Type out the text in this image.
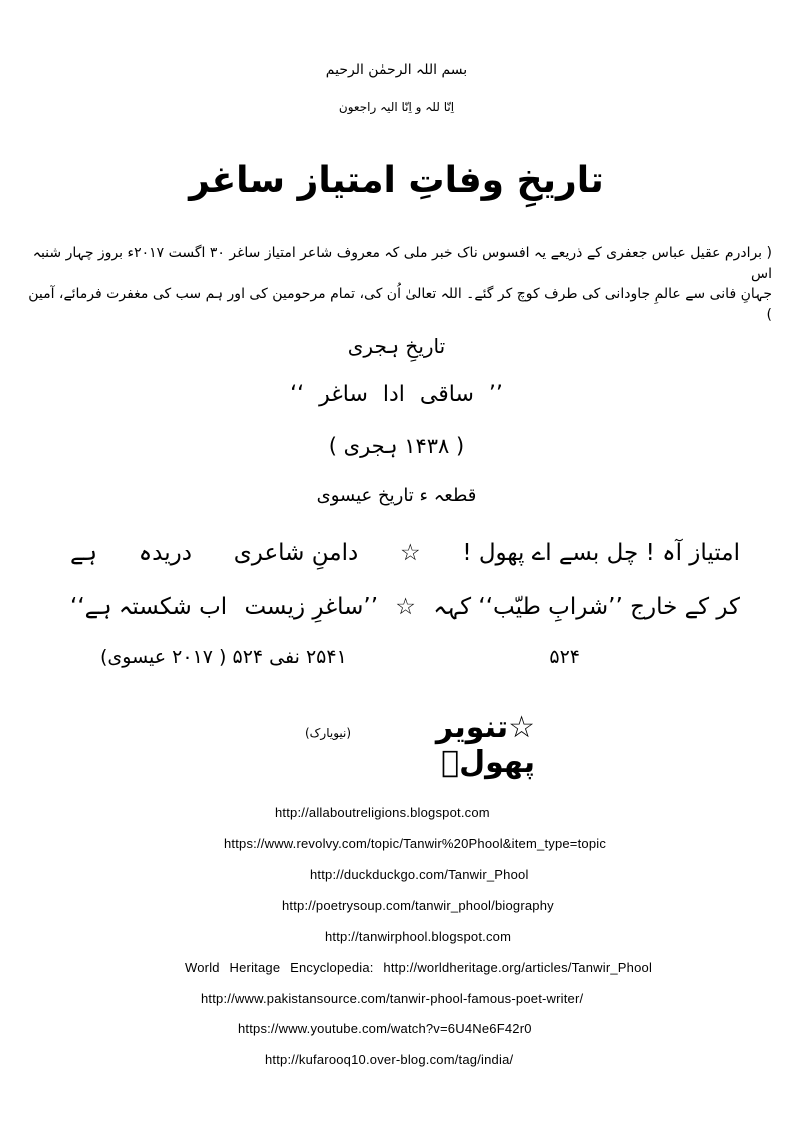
بسم اللہ الرحمٰن الرحیم
اِنّا للہ و اِنّا الیہ راجعون
تاریخِ وفاتِ امتیاز ساغر
( برادرم عقیل عباس جعفری کے ذریعے یہ افسوس ناک خبر ملی کہ معروف شاعر امتیاز ساغر ۳۰ اگست ۲۰۱۷ء بروز چہار شنبہ اس
جہانِ فانی سے عالمِ جاودانی کی طرف کوچ کر گئے۔ اللہ تعالیٰ اُن کی، تمام مرحومین کی اور ہم سب کی مغفرت فرمائے، آمین )
تاریخِ ہجری
’’ ساقی ادا ساغر ‘‘
( ۱۴۳۸ ہجری )
قطعہ ء تاریخ عیسوی
امتیاز آہ ! چل بسے اے پھول !
☆
دامنِ شاعری
دریدہ
ہے
کر کے خارج ’’شرابِ طیّب‘‘ کہہ
☆
’’ساغرِ زیست
اب شکستہ ہے‘‘
۵۲۴
۲۵۴۱ نفی ۵۲۴ ( ۲۰۱۷ عیسوی)
☆تنویر پھولؔ
(نیویارک)
http://allaboutreligions.blogspot.com
https://www.revolvy.com/topic/Tanwir%20Phool&item_type=topic
http://duckduckgo.com/Tanwir_Phool
http://poetrysoup.com/tanwir_phool/biography
http://tanwirphool.blogspot.com
World Heritage Encyclopedia: http://worldheritage.org/articles/Tanwir_Phool
http://www.pakistansource.com/tanwir-phool-famous-poet-writer/
https://www.youtube.com/watch?v=6U4Ne6F42r0
http://kufarooq10.over-blog.com/tag/india/
